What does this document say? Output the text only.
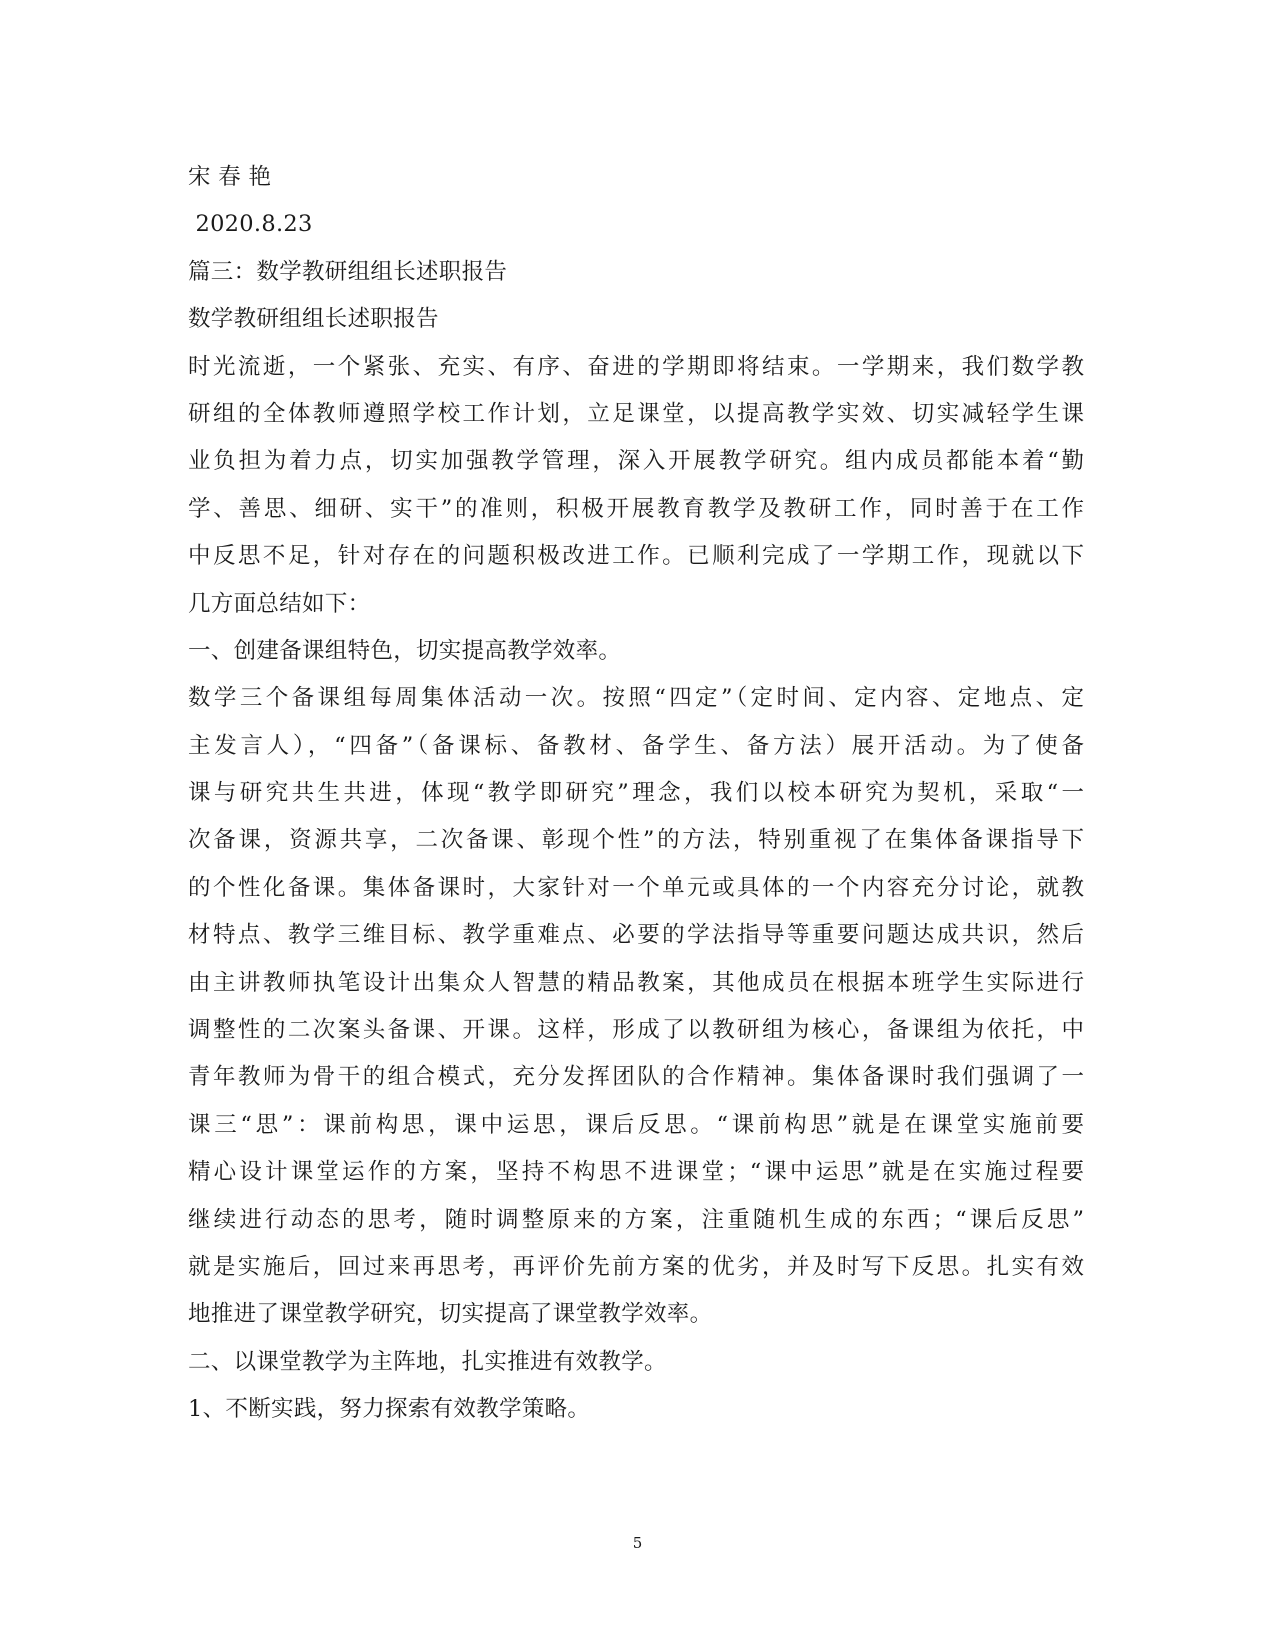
宋 春 艳
2020.8.23
篇三：数学教研组组长述职报告
数学教研组组长述职报告
时光流逝，一个紧张、充实、有序、奋进的学期即将结束。一学期来，我们数学教
研组的全体教师遵照学校工作计划，立足课堂，以提高教学实效、切实减轻学生课
业负担为着力点，切实加强教学管理，深入开展教学研究。组内成员都能本着“勤
学、善思、细研、实干”的准则，积极开展教育教学及教研工作，同时善于在工作
中反思不足，针对存在的问题积极改进工作。已顺利完成了一学期工作，现就以下
几方面总结如下：
一、创建备课组特色，切实提高教学效率。
数学三个备课组每周集体活动一次。按照“四定”（定时间、定内容、定地点、定
主发言人），“四备”（备课标、备教材、备学生、备方法）展开活动。为了使备
课与研究共生共进，体现“教学即研究”理念，我们以校本研究为契机，采取“一
次备课，资源共享，二次备课、彰现个性”的方法，特别重视了在集体备课指导下
的个性化备课。集体备课时，大家针对一个单元或具体的一个内容充分讨论，就教
材特点、教学三维目标、教学重难点、必要的学法指导等重要问题达成共识，然后
由主讲教师执笔设计出集众人智慧的精品教案，其他成员在根据本班学生实际进行
调整性的二次案头备课、开课。这样，形成了以教研组为核心，备课组为依托，中
青年教师为骨干的组合模式，充分发挥团队的合作精神。集体备课时我们强调了一
课三“思”：课前构思，课中运思，课后反思。“课前构思”就是在课堂实施前要
精心设计课堂运作的方案，坚持不构思不进课堂；“课中运思”就是在实施过程要
继续进行动态的思考，随时调整原来的方案，注重随机生成的东西；“课后反思”
就是实施后，回过来再思考，再评价先前方案的优劣，并及时写下反思。扎实有效
地推进了课堂教学研究，切实提高了课堂教学效率。
二、以课堂教学为主阵地，扎实推进有效教学。
1、不断实践，努力探索有效教学策略。
5
